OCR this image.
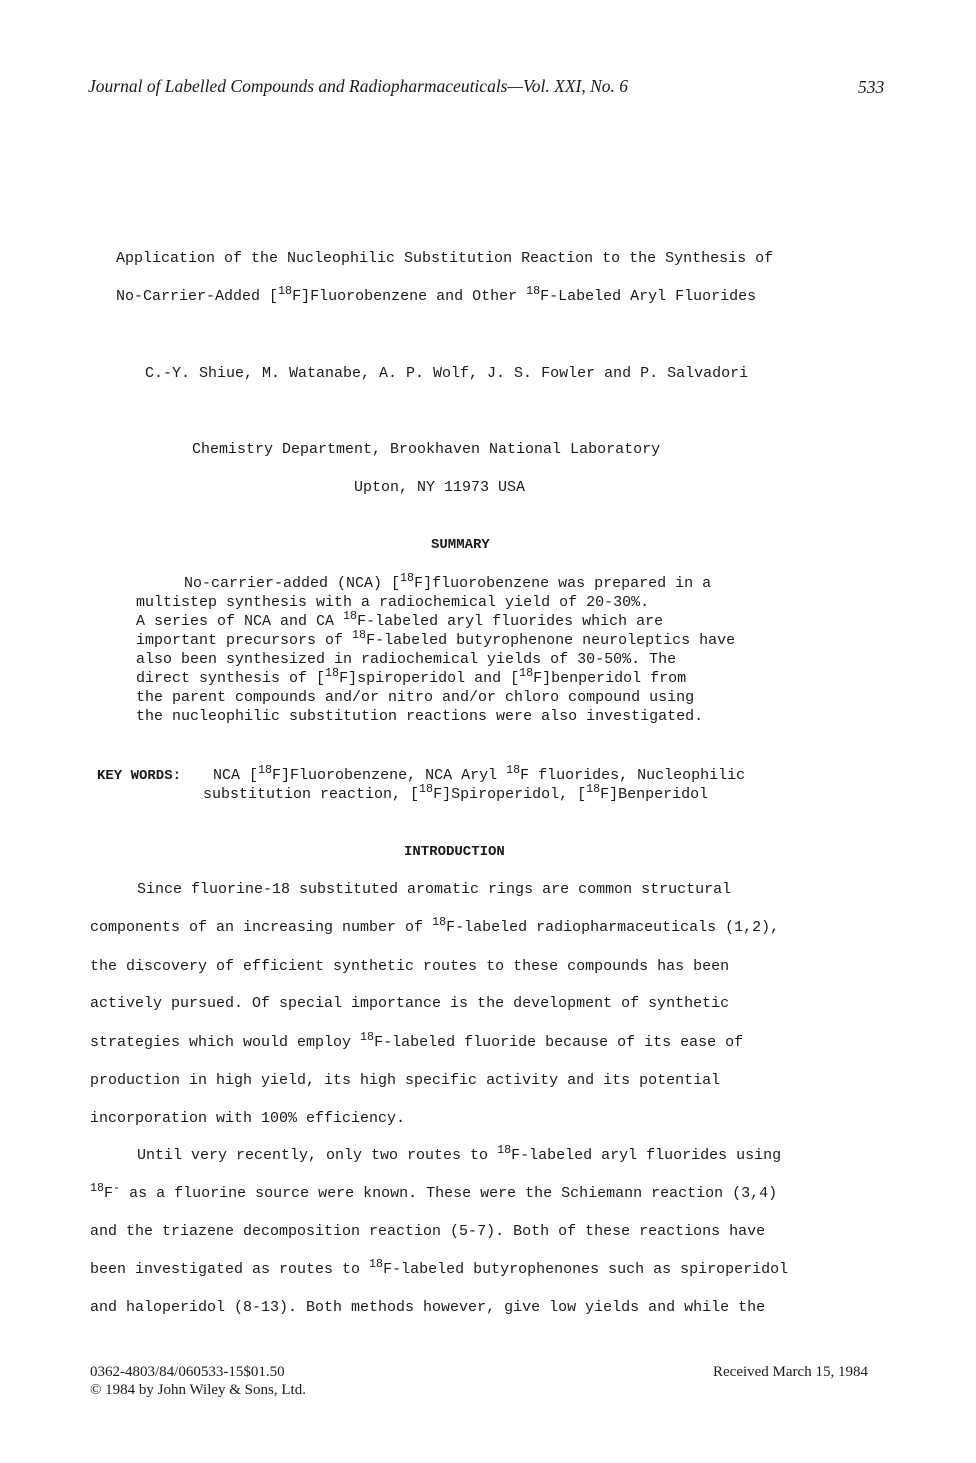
Journal of Labelled Compounds and Radiopharmaceuticals—Vol. XXI, No. 6	533
Application of the Nucleophilic Substitution Reaction to the Synthesis of
No-Carrier-Added [$^{18}$F]Fluorobenzene and Other $^{18}$F-Labeled Aryl Fluorides
C.-Y. Shiue, M. Watanabe, A. P. Wolf, J. S. Fowler and P. Salvadori
Chemistry Department, Brookhaven National Laboratory
Upton, NY 11973 USA
SUMMARY
No-carrier-added (NCA) [$^{18}$F]fluorobenzene was prepared in a
multistep synthesis with a radiochemical yield of 20-30%.
A series of NCA and CA $^{18}$F-labeled aryl fluorides which are
important precursors of $^{18}$F-labeled butyrophenone neuroleptics have
also been synthesized in radiochemical yields of 30-50%. The
direct synthesis of [$^{18}$F]spiroperidol and [$^{18}$F]benperidol from
the parent compounds and/or nitro and/or chloro compound using
the nucleophilic substitution reactions were also investigated.
KEY WORDS: NCA [$^{18}$F]Fluorobenzene, NCA Aryl $^{18}$F fluorides, Nucleophilic
substitution reaction, [$^{18}$F]Spiroperidol, [$^{18}$F]Benperidol
INTRODUCTION
Since fluorine-18 substituted aromatic rings are common structural
components of an increasing number of $^{18}$F-labeled radiopharmaceuticals (1,2),
the discovery of efficient synthetic routes to these compounds has been
actively pursued. Of special importance is the development of synthetic
strategies which would employ $^{18}$F-labeled fluoride because of its ease of
production in high yield, its high specific activity and its potential
incorporation with 100% efficiency.
Until very recently, only two routes to $^{18}$F-labeled aryl fluorides using
$^{18}$F- as a fluorine source were known. These were the Schiemann reaction (3,4)
and the triazene decomposition reaction (5-7). Both of these reactions have
been investigated as routes to $^{18}$F-labeled butyrophenones such as spiroperidol
and haloperidol (8-13). Both methods however, give low yields and while the
0362-4803/84/060533-15$01.50
© 1984 by John Wiley & Sons, Ltd.
Received March 15, 1984
